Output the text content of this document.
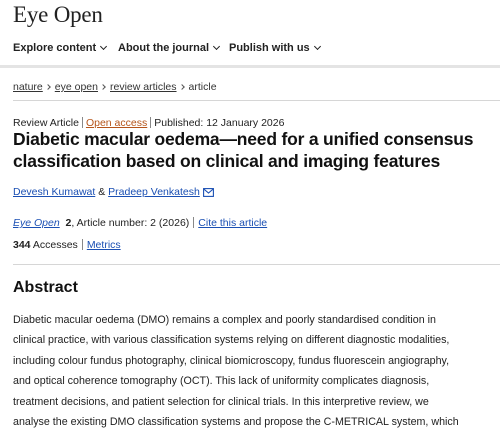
Eye Open
Explore content	About the journal	Publish with us
nature eye open review articles article
Review Article Open access Published: 12 January 2026
Diabetic macular oedema—need for a unified consensus
classification based on clinical and imaging features
Devesh Kumawat & Pradeep Venkatesh
Eye Open 2, Article number: 2 (2026) Cite this article
344 Accesses Metrics
Abstract
Diabetic macular oedema (DMO) remains a complex and poorly standardised condition in
clinical practice, with various classification systems relying on different diagnostic modalities,
including colour fundus photography, clinical biomicroscopy, fundus fluorescein angiography,
and optical coherence tomography (OCT). This lack of uniformity complicates diagnosis,
treatment decisions, and patient selection for clinical trials. In this interpretive review, we
analyse the existing DMO classification systems and propose the C-METRICAL system, which
